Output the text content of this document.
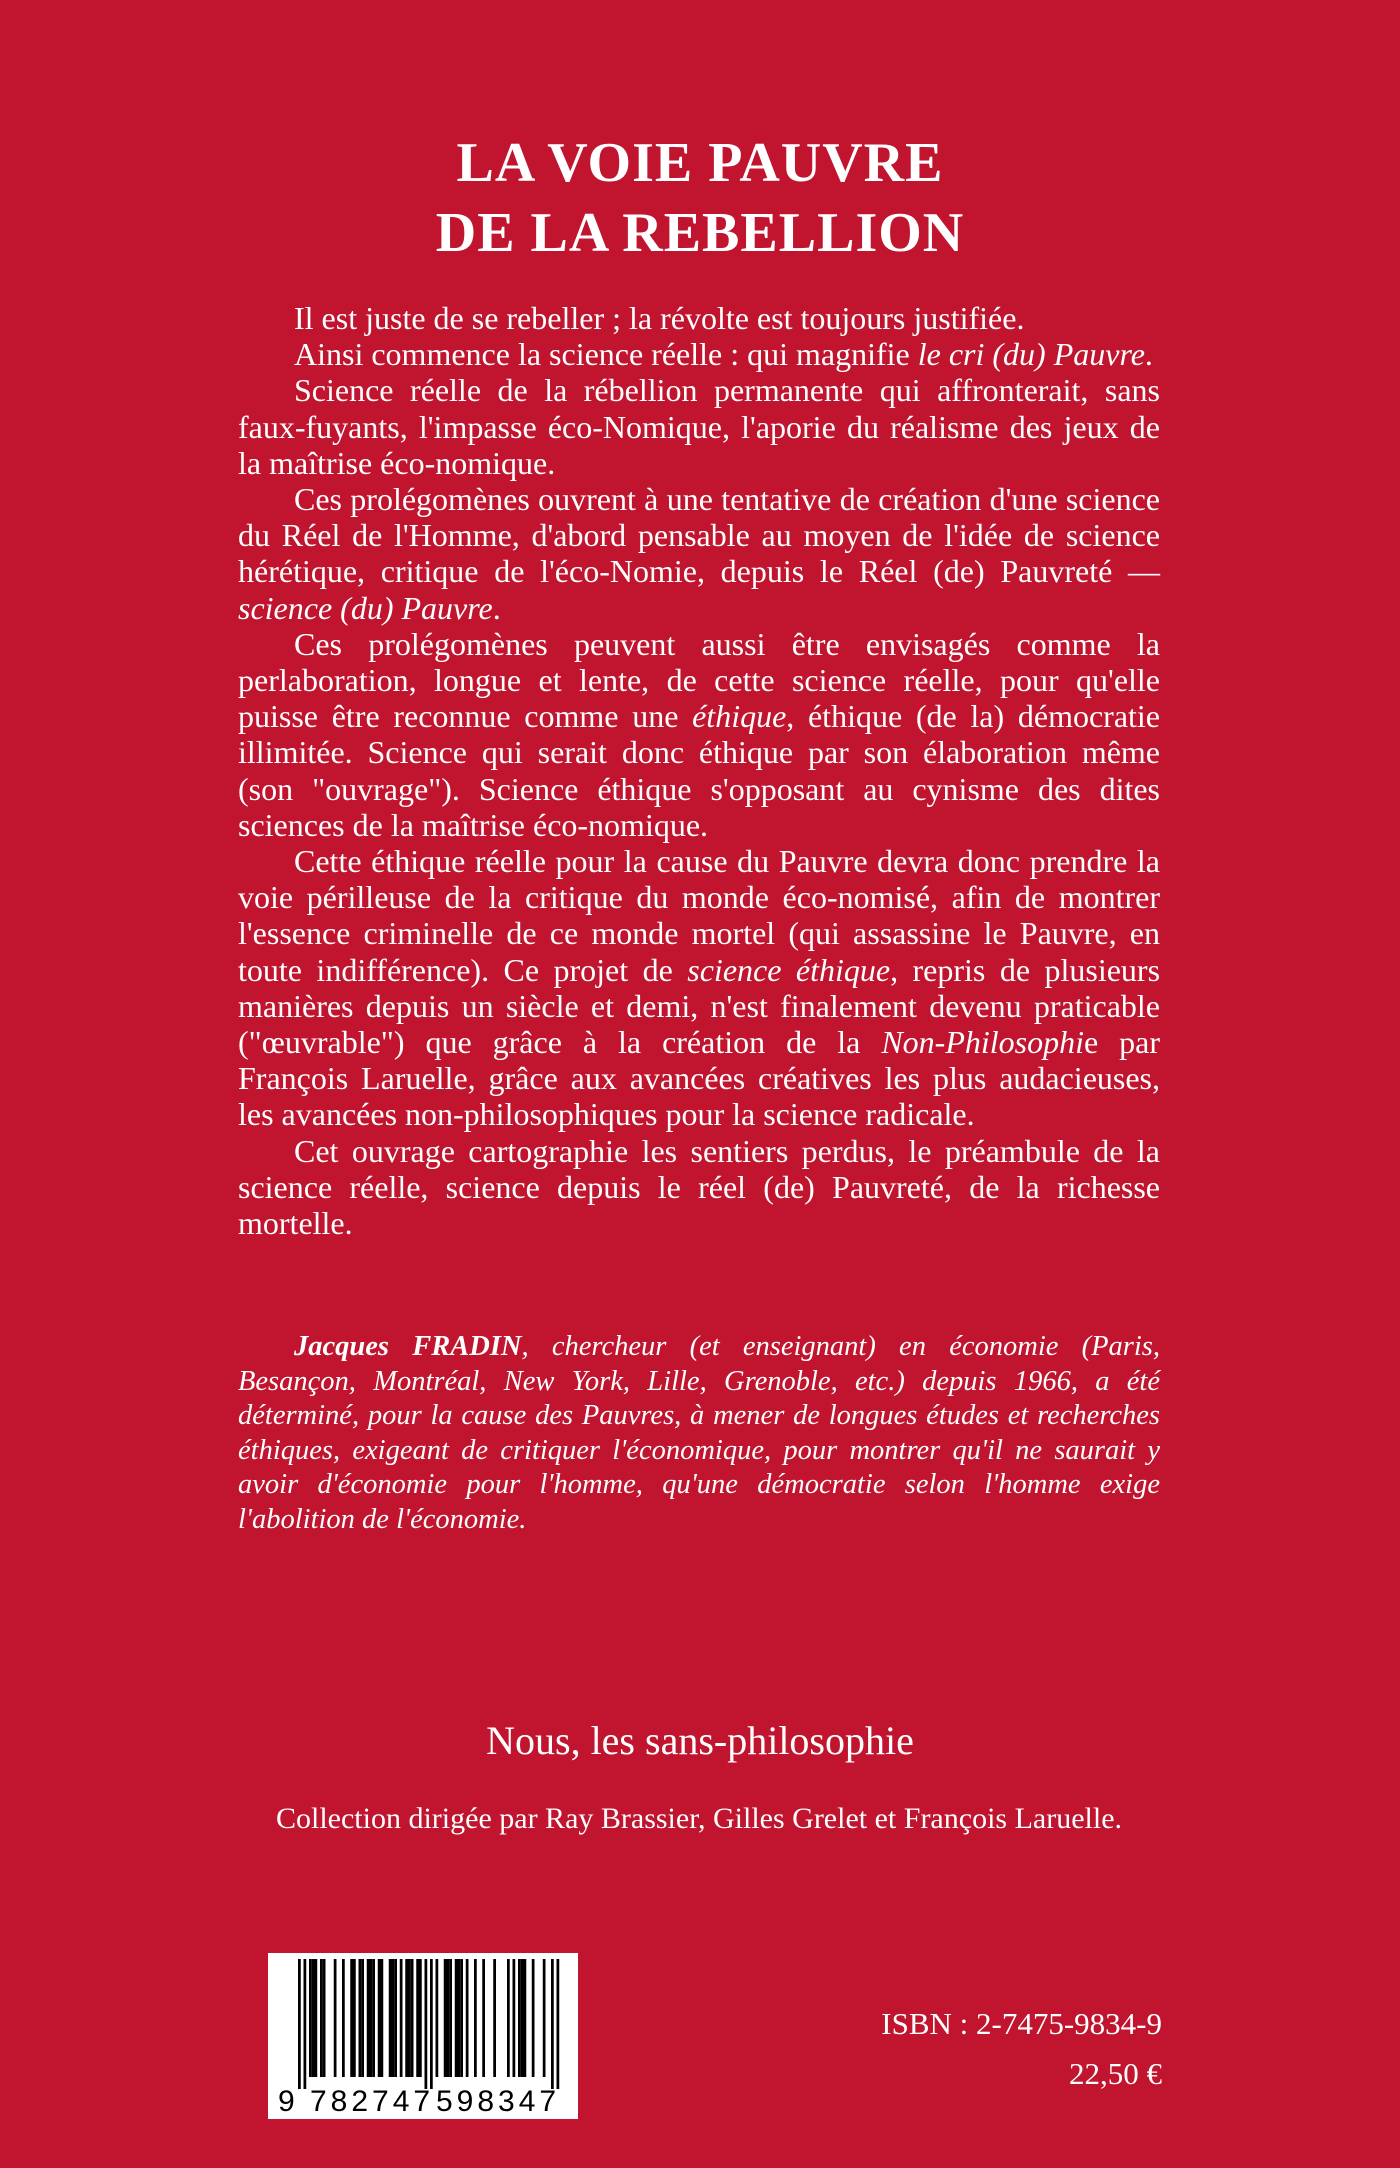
LA VOIE PAUVRE
DE LA REBELLION

Il est juste de se rebeller ; la révolte est toujours justifiée.

Ainsi commence la science réelle : qui magnifie le cri (du) Pauvre.

Science réelle de la rébellion permanente qui affronterait, sans faux-fuyants, l'impasse éco-Nomique, l'aporie du réalisme des jeux de la maîtrise éco-nomique.

Ces prolégomènes ouvrent à une tentative de création d'une science du Réel de l'Homme, d'abord pensable au moyen de l'idée de science hérétique, critique de l'éco-Nomie, depuis le Réel (de) Pauvreté — science (du) Pauvre.

Ces prolégomènes peuvent aussi être envisagés comme la perlaboration, longue et lente, de cette science réelle, pour qu'elle puisse être reconnue comme une éthique, éthique (de la) démocratie illimitée. Science qui serait donc éthique par son élaboration même (son "ouvrage"). Science éthique s'opposant au cynisme des dites sciences de la maîtrise éco-nomique.

Cette éthique réelle pour la cause du Pauvre devra donc prendre la voie périlleuse de la critique du monde éco-nomisé, afin de montrer l'essence criminelle de ce monde mortel (qui assassine le Pauvre, en toute indifférence). Ce projet de science éthique, repris de plusieurs manières depuis un siècle et demi, n'est finalement devenu praticable ("œuvrable") que grâce à la création de la Non-Philosophie par François Laruelle, grâce aux avancées créatives les plus audacieuses, les avancées non-philosophiques pour la science radicale.

Cet ouvrage cartographie les sentiers perdus, le préambule de la science réelle, science depuis le réel (de) Pauvreté, de la richesse mortelle.

Jacques FRADIN, chercheur (et enseignant) en économie (Paris, Besançon, Montréal, New York, Lille, Grenoble, etc.) depuis 1966, a été déterminé, pour la cause des Pauvres, à mener de longues études et recherches éthiques, exigeant de critiquer l'économique, pour montrer qu'il ne saurait y avoir d'économie pour l'homme, qu'une démocratie selon l'homme exige l'abolition de l'économie.
Nous, les sans-philosophie
Collection dirigée par Ray Brassier, Gilles Grelet et François Laruelle.
9 782747 598347
ISBN : 2-7475-9834-9
22,50 €
